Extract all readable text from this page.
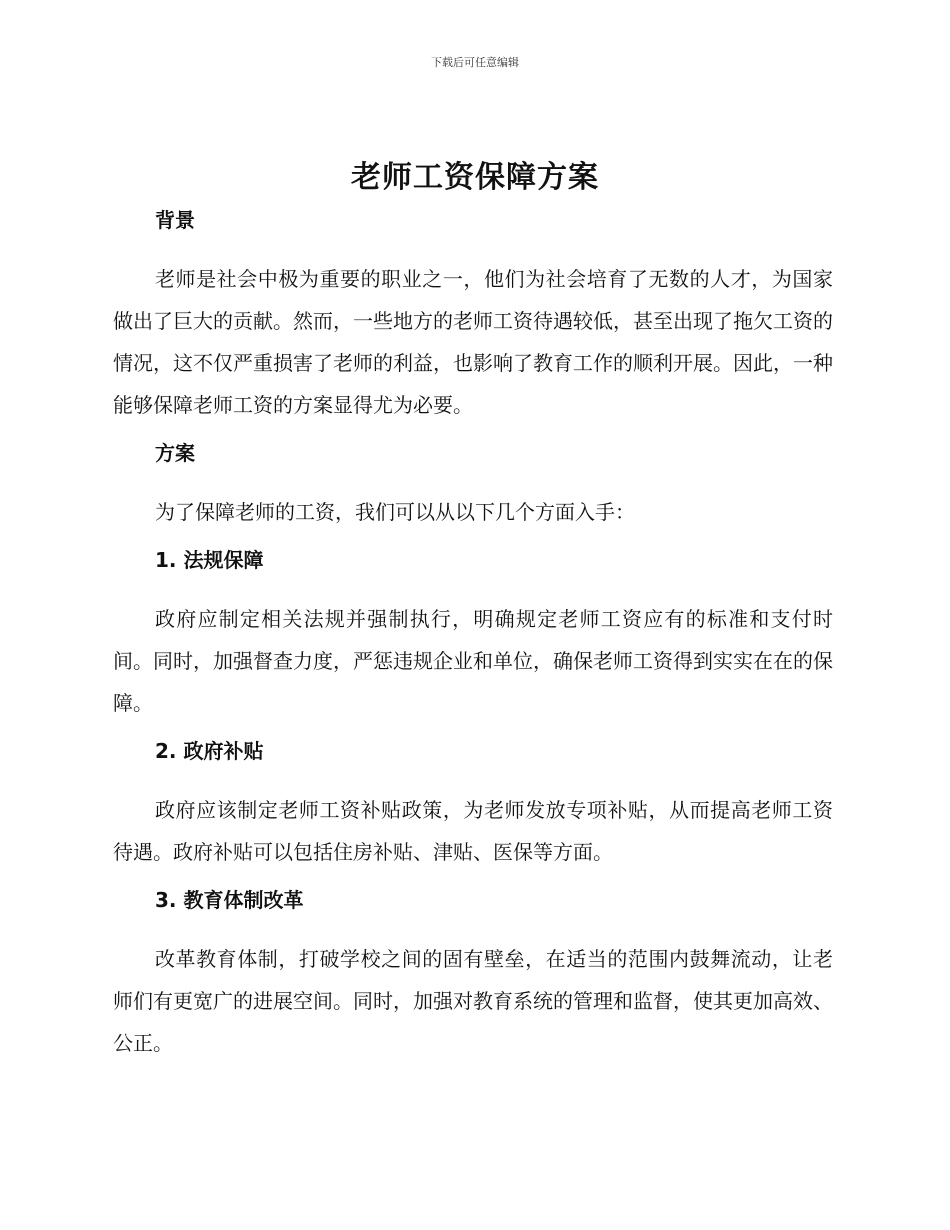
下载后可任意编辑
老师工资保障方案
背景

老师是社会中极为重要的职业之一，他们为社会培育了无数的人才，为国家做出了巨大的贡献。然而，一些地方的老师工资待遇较低，甚至出现了拖欠工资的情况，这不仅严重损害了老师的利益，也影响了教育工作的顺利开展。因此，一种能够保障老师工资的方案显得尤为必要。

方案

为了保障老师的工资，我们可以从以下几个方面入手：

1. 法规保障

政府应制定相关法规并强制执行，明确规定老师工资应有的标准和支付时间。同时，加强督查力度，严惩违规企业和单位，确保老师工资得到实实在在的保障。

2. 政府补贴

政府应该制定老师工资补贴政策，为老师发放专项补贴，从而提高老师工资待遇。政府补贴可以包括住房补贴、津贴、医保等方面。

3. 教育体制改革

改革教育体制，打破学校之间的固有壁垒，在适当的范围内鼓舞流动，让老师们有更宽广的进展空间。同时，加强对教育系统的管理和监督，使其更加高效、公正。
